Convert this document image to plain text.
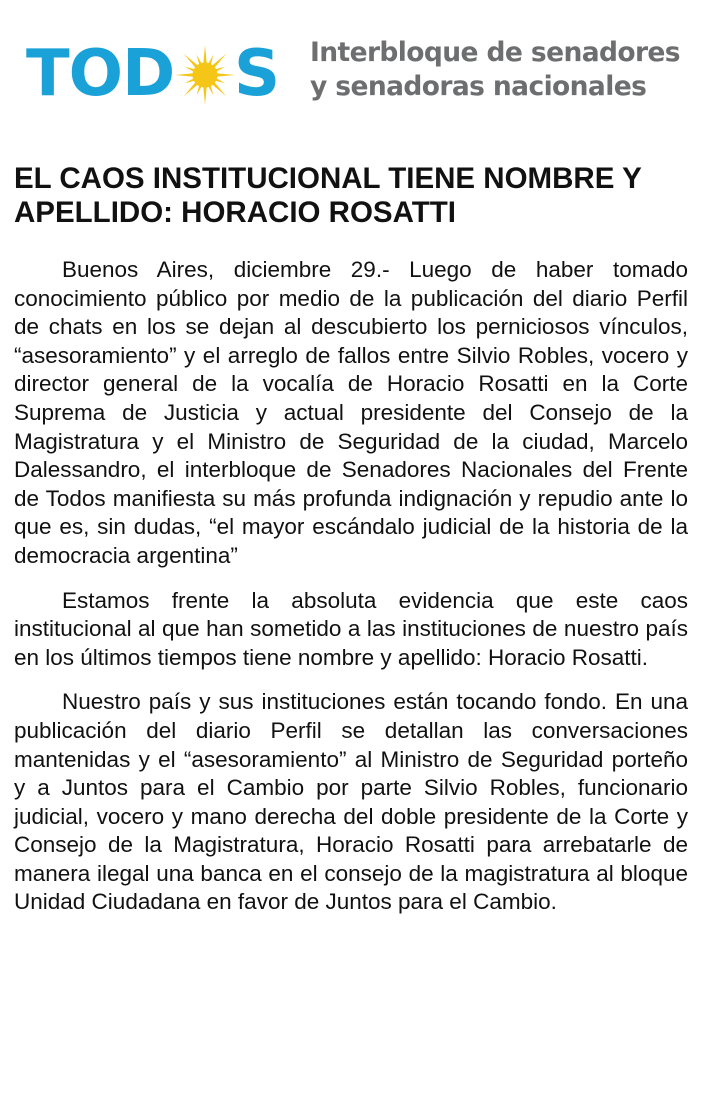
TOD S Interbloque de senadores
y senadoras nacionales
EL CAOS INSTITUCIONAL TIENE NOMBRE Y APELLIDO: HORACIO ROSATTI

Buenos Aires, diciembre 29.- Luego de haber tomado conocimiento público por medio de la publicación del diario Perfil de chats en los se dejan al descubierto los perniciosos vínculos, “asesoramiento” y el arreglo de fallos entre Silvio Robles, vocero y director general de la vocalía de Horacio Rosatti en la Corte Suprema de Justicia y actual presidente del Consejo de la Magistratura y el Ministro de Seguridad de la ciudad, Marcelo Dalessandro, el interbloque de Senadores Nacionales del Frente de Todos manifiesta su más profunda indignación y repudio ante lo que es, sin dudas, “el mayor escándalo judicial de la historia de la democracia argentina”

Estamos frente la absoluta evidencia que este caos institucional al que han sometido a las instituciones de nuestro país en los últimos tiempos tiene nombre y apellido: Horacio Rosatti.

Nuestro país y sus instituciones están tocando fondo. En una publicación del diario Perfil se detallan las conversaciones mantenidas y el “asesoramiento” al Ministro de Seguridad porteño y a Juntos para el Cambio por parte Silvio Robles, funcionario judicial, vocero y mano derecha del doble presidente de la Corte y Consejo de la Magistratura, Horacio Rosatti para arrebatarle de manera ilegal una banca en el consejo de la magistratura al bloque Unidad Ciudadana en favor de Juntos para el Cambio.
